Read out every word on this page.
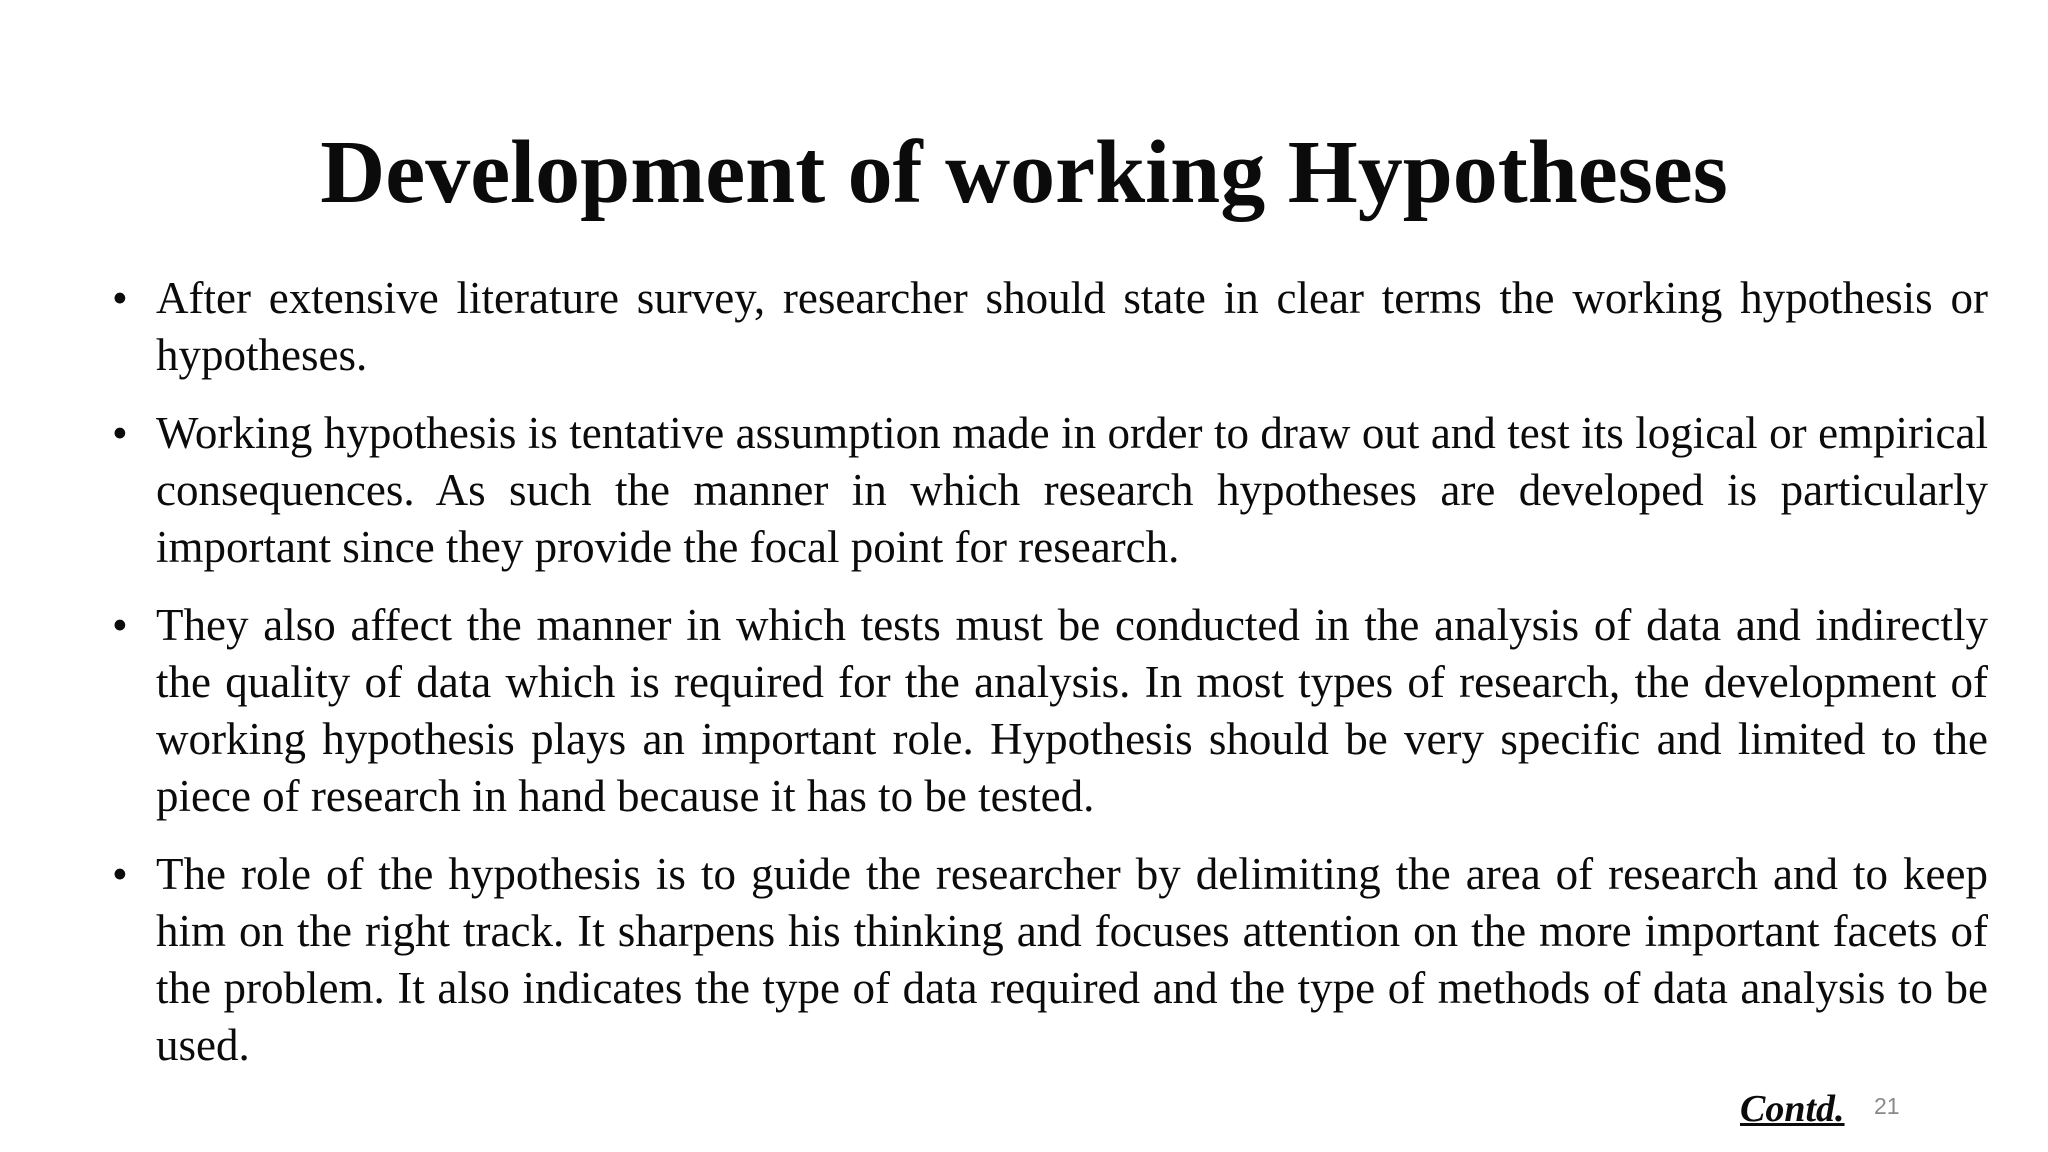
Development of working Hypotheses
• After extensive literature survey, researcher should state in clear terms the working hypothesis or hypotheses.
• Working hypothesis is tentative assumption made in order to draw out and test its logical or empirical consequences. As such the manner in which research hypotheses are developed is particularly important since they provide the focal point for research.
• They also affect the manner in which tests must be conducted in the analysis of data and indirectly the quality of data which is required for the analysis. In most types of research, the development of working hypothesis plays an important role. Hypothesis should be very specific and limited to the piece of research in hand because it has to be tested.
• The role of the hypothesis is to guide the researcher by delimiting the area of research and to keep him on the right track. It sharpens his thinking and focuses attention on the more important facets of the problem. It also indicates the type of data required and the type of methods of data analysis to be used.
Contd. 21
